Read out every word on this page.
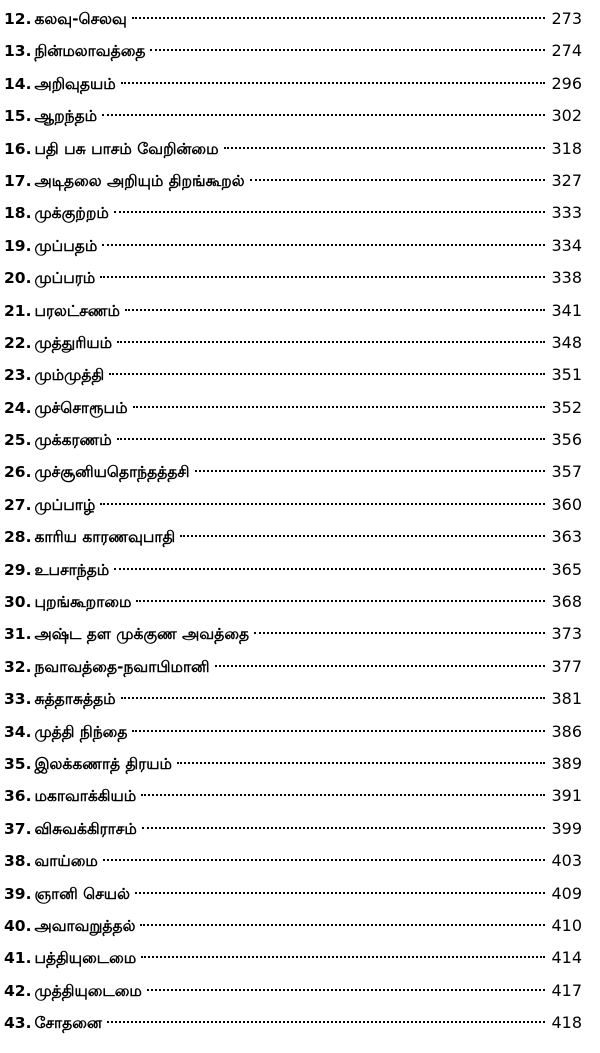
12. கலவு-செலவு	273
13. நின்மலாவத்தை	274
14. அறிவுதயம்	296
15. ஆறந்தம்	302
16. பதி பசு பாசம் வேறின்மை	318
17. அடிதலை அறியும் திறங்கூறல்	327
18. முக்குற்றம்	333
19. முப்பதம்	334
20. முப்பரம்	338
21. பரலட்சணம்	341
22. முத்துரியம்	348
23. மும்முத்தி	351
24. முச்சொரூபம்	352
25. முக்கரணம்	356
26. முச்சூனியதொந்தத்தசி	357
27. முப்பாழ்	360
28. காரிய காரணவுபாதி	363
29. உபசாந்தம்	365
30. புறங்கூறாமை	368
31. அஷ்ட தள முக்குண அவத்தை	373
32. நவாவத்தை-நவாபிமானி	377
33. சுத்தாசுத்தம்	381
34. முத்தி நிந்தை	386
35. இலக்கணாத் திரயம்	389
36. மகாவாக்கியம்	391
37. விசுவக்கிராசம்	399
38. வாய்மை	403
39. ஞானி செயல்	409
40. அவாவறுத்தல்	410
41. பத்தியுடைமை	414
42. முத்தியுடைமை	417
43. சோதனை	418
